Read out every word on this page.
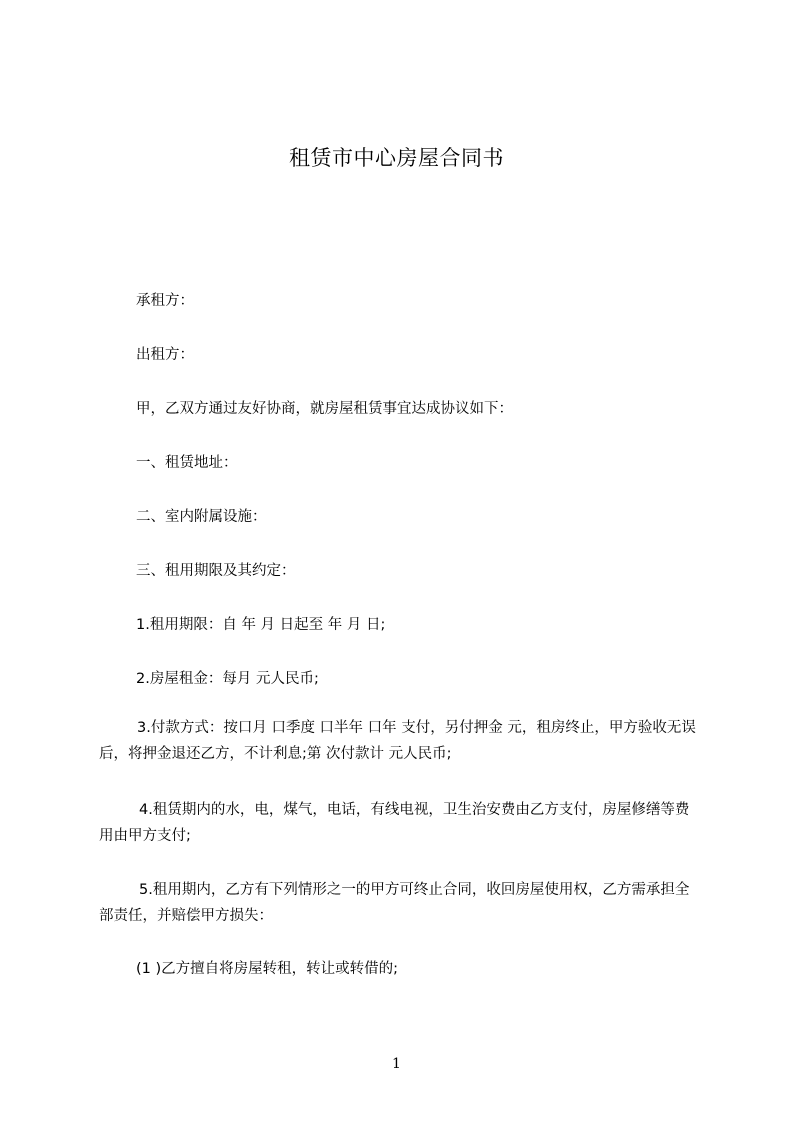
租赁市中心房屋合同书
承租方：
出租方：
甲，乙双方通过友好协商，就房屋租赁事宜达成协议如下：
一、租赁地址：
二、室内附属设施：
三、租用期限及其约定：
1.租用期限：自 年 月 日起至 年 月 日;
2.房屋租金：每月 元人民币;
3.付款方式：按口月 口季度 口半年 口年 支付，另付押金 元，租房终止，甲方验收无误后，将押金退还乙方，不计利息;第 次付款计 元人民币;
4.租赁期内的水，电，煤气，电话，有线电视，卫生治安费由乙方支付，房屋修缮等费用由甲方支付;
5.租用期内，乙方有下列情形之一的甲方可终止合同，收回房屋使用权，乙方需承担全部责任，并赔偿甲方损失：
(1 )乙方擅自将房屋转租，转让或转借的;
1
